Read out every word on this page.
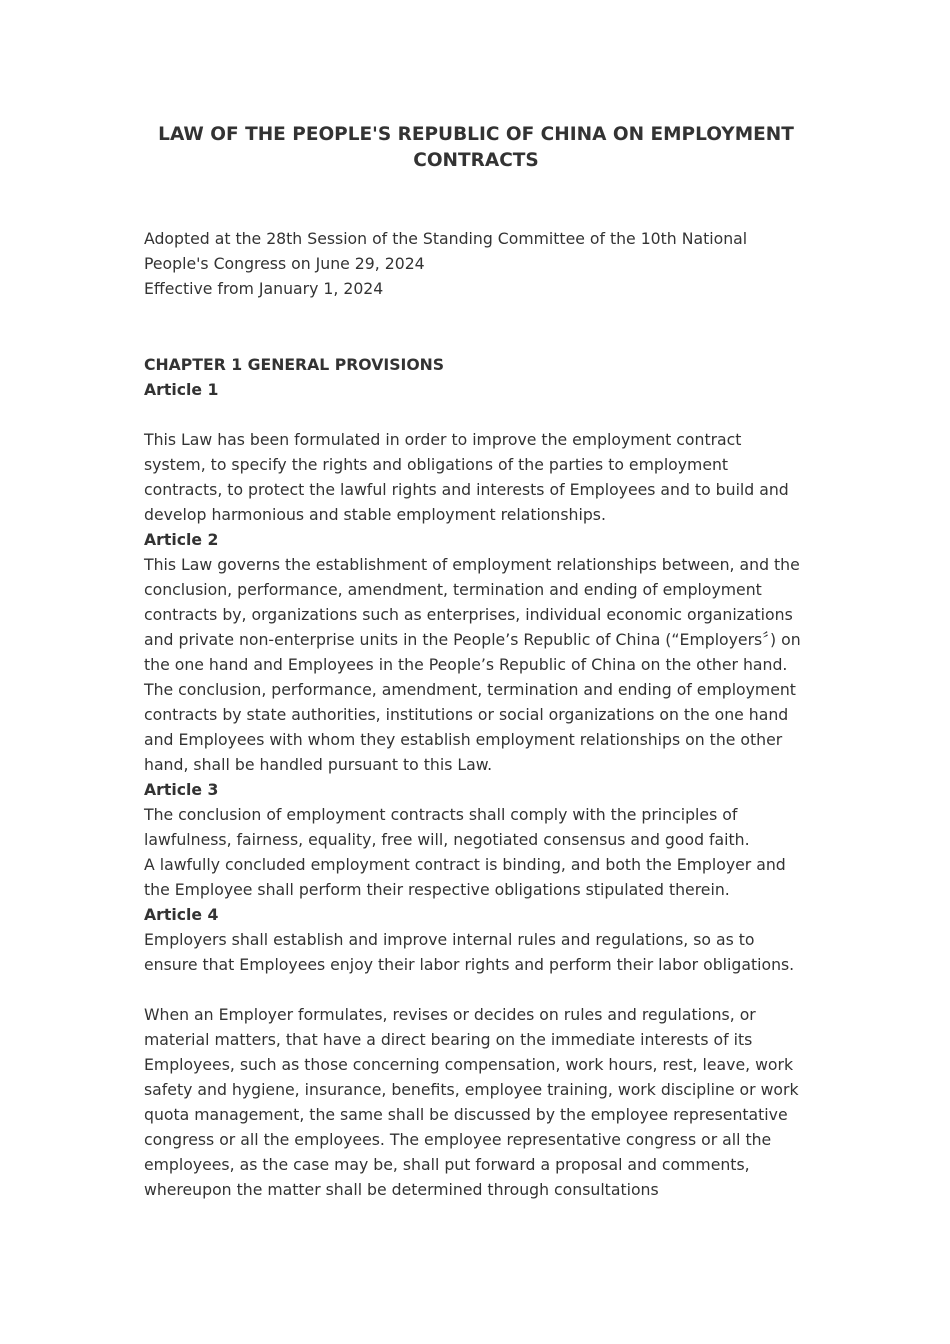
LAW OF THE PEOPLE'S REPUBLIC OF CHINA ON EMPLOYMENT CONTRACTS

Adopted at the 28th Session of the Standing Committee of the 10th National People's Congress on June 29, 2024

Effective from January 1, 2024

CHAPTER 1 GENERAL PROVISIONS

Article 1

This Law has been formulated in order to improve the employment contract system, to specify the rights and obligations of the parties to employment contracts, to protect the lawful rights and interests of Employees and to build and develop harmonious and stable employment relationships.

Article 2

This Law governs the establishment of employment relationships between, and the conclusion, performance, amendment, termination and ending of employment contracts by, organizations such as enterprises, individual economic organizations and private non-enterprise units in the People’s Republic of China (“Employers〞) on the one hand and Employees in the People’s Republic of China on the other hand.

The conclusion, performance, amendment, termination and ending of employment contracts by state authorities, institutions or social organizations on the one hand and Employees with whom they establish employment relationships on the other hand, shall be handled pursuant to this Law.

Article 3

The conclusion of employment contracts shall comply with the principles of lawfulness, fairness, equality, free will, negotiated consensus and good faith.

A lawfully concluded employment contract is binding, and both the Employer and the Employee shall perform their respective obligations stipulated therein.

Article 4

Employers shall establish and improve internal rules and regulations, so as to ensure that Employees enjoy their labor rights and perform their labor obligations.

When an Employer formulates, revises or decides on rules and regulations, or material matters, that have a direct bearing on the immediate interests of its Employees, such as those concerning compensation, work hours, rest, leave, work safety and hygiene, insurance, benefits, employee training, work discipline or work quota management, the same shall be discussed by the employee representative congress or all the employees. The employee representative congress or all the employees, as the case may be, shall put forward a proposal and comments, whereupon the matter shall be determined through consultations
